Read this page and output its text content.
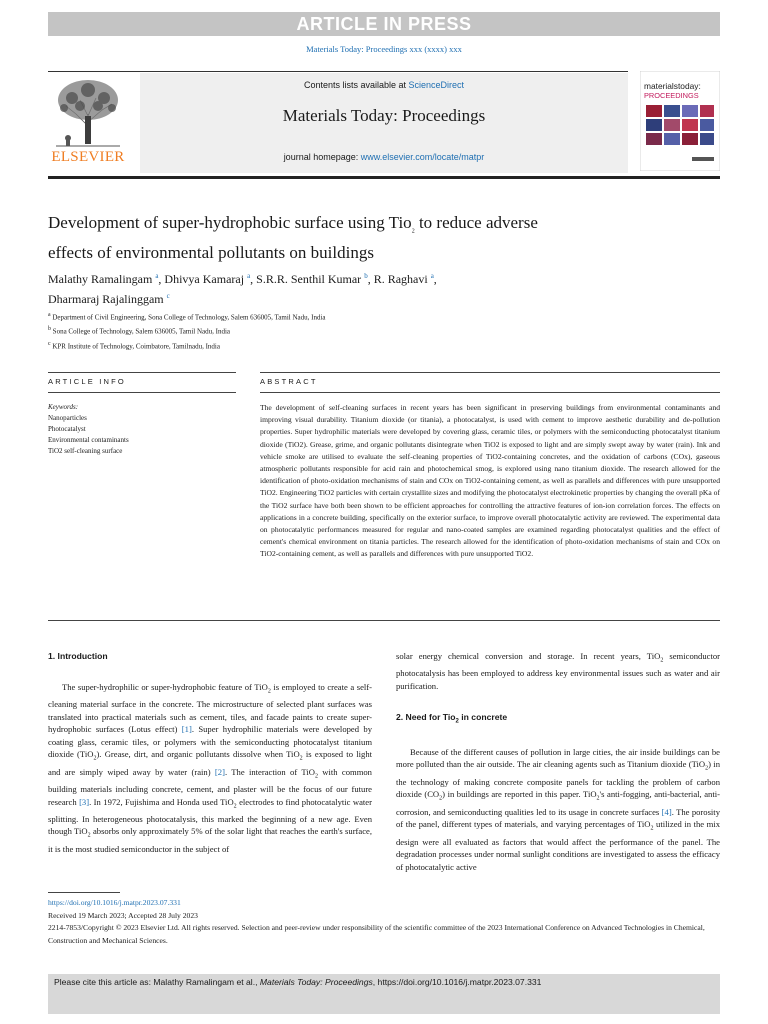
ARTICLE IN PRESS
Materials Today: Proceedings xxx (xxxx) xxx
ELSEVIER
Contents lists available at ScienceDirect
Materials Today: Proceedings
journal homepage: www.elsevier.com/locate/matpr
materialstoday:
PROCEEDINGS
Development of super-hydrophobic surface using Tio$_2$ to reduce adverse
effects of environmental pollutants on buildings
Malathy Ramalingam $^a$, Dhivya Kamaraj $^a$, S.R.R. Senthil Kumar $^b$, R. Raghavi $^a$,
Dharmaraj Rajalinggam $^c$
$^a$ Department of Civil Engineering, Sona College of Technology, Salem 636005, Tamil Nadu, India
$^b$ Sona College of Technology, Salem 636005, Tamil Nadu, India
$^c$ KPR Institute of Technology, Coimbatore, Tamilnadu, India
ARTICLE INFO	ABSTRACT
Keywords:
Nanoparticles
Photocatalyst
Environmental contaminants
TiO2 self-cleaning surface
The development of self-cleaning surfaces in recent years has been significant in preserving buildings from environmental contaminants and improving visual durability. Titanium dioxide (or titania), a photocatalyst, is used with cement to improve aesthetic durability and de-pollution properties. Super hydrophilic materials were developed by covering glass, ceramic tiles, or polymers with the semiconducting photocatalyst titanium dioxide (TiO2). Grease, grime, and organic pollutants disintegrate when TiO2 is exposed to light and are simply swept away by water (rain). Ink and vehicle smoke are utilised to evaluate the self-cleaning properties of TiO2-containing concretes, and the oxidation of carbons (COx), gaseous atmospheric pollutants responsible for acid rain and photochemical smog, is explored using nano titanium dioxide. The research allowed for the identification of photo-oxidation mechanisms of stain and COx on TiO2-containing cement, as well as parallels and differences with pure unsupported TiO2. Engineering TiO2 particles with certain crystallite sizes and modifying the photocatalyst electrokinetic properties by changing the overall pKa of the TiO2 surface have both been shown to be efficient approaches for controlling the attractive features of ion-ion correlation forces. The effects on applications in a concrete building, specifically on the exterior surface, to improve overall photocatalytic activity are reviewed. The experimental data on photocatalytic performances measured for regular and nano-coated samples are examined regarding photocatalyst qualities and the effect of cement's chemical environment on titania particles. The research allowed for the identification of photo-oxidation mechanisms of stain and COx on TiO2-containing cement, as well as parallels and differences with pure unsupported TiO2.

1. Introduction

The super-hydrophilic or super-hydrophobic feature of TiO$_2$ is employed to create a self-cleaning material surface in the concrete. The microstructure of selected plant surfaces was translated into practical materials such as cement, tiles, and facade paints to create super-hydrophobic surfaces (Lotus effect) [1]. Super hydrophilic materials were developed by coating glass, ceramic tiles, or polymers with the semiconducting photocatalyst titanium dioxide (TiO$_2$). Grease, dirt, and organic pollutants dissolve when TiO$_2$ is exposed to light and are simply wiped away by water (rain) [2]. The interaction of TiO$_2$ with common building materials including concrete, cement, and plaster will be the focus of our future research [3]. In 1972, Fujishima and Honda used TiO$_2$ electrodes to find photocatalytic water splitting. In heterogeneous photocatalysis, this marked the beginning of a new age. Even though TiO$_2$ absorbs only approximately 5% of the solar light that reaches the earth's surface, it is the most studied semiconductor in the subject of

solar energy chemical conversion and storage. In recent years, TiO$_2$ semiconductor photocatalysis has been employed to address key environmental issues such as water and air purification.

2. Need for Tio$_2$ in concrete

Because of the different causes of pollution in large cities, the air inside buildings can be more polluted than the air outside. The air cleaning agents such as Titanium dioxide (TiO$_2$) in the technology of making concrete composite panels for tackling the problem of carbon dioxide $(CO_2)$ in buildings are reported in this paper. TiO$_2$'s anti-fogging, anti-bacterial, anti-corrosion, and semiconducting qualities led to its usage in concrete surfaces [4]. The porosity of the panel, different types of materials, and varying percentages of TiO$_2$ utilized in the mix design were all evaluated as factors that would affect the performance of the panel. The degradation processes under normal sunlight conditions are investigated to assess the efficacy of photocatalytic active

https://doi.org/10.1016/j.matpr.2023.07.331
Received 19 March 2023; Accepted 28 July 2023
2214-7853/Copyright © 2023 Elsevier Ltd. All rights reserved. Selection and peer-review under responsibility of the scientific committee of the 2023 International Conference on Advanced Technologies in Chemical, Construction and Mechanical Sciences.
Please cite this article as: Malathy Ramalingam et al., Materials Today: Proceedings, https://doi.org/10.1016/j.matpr.2023.07.331
